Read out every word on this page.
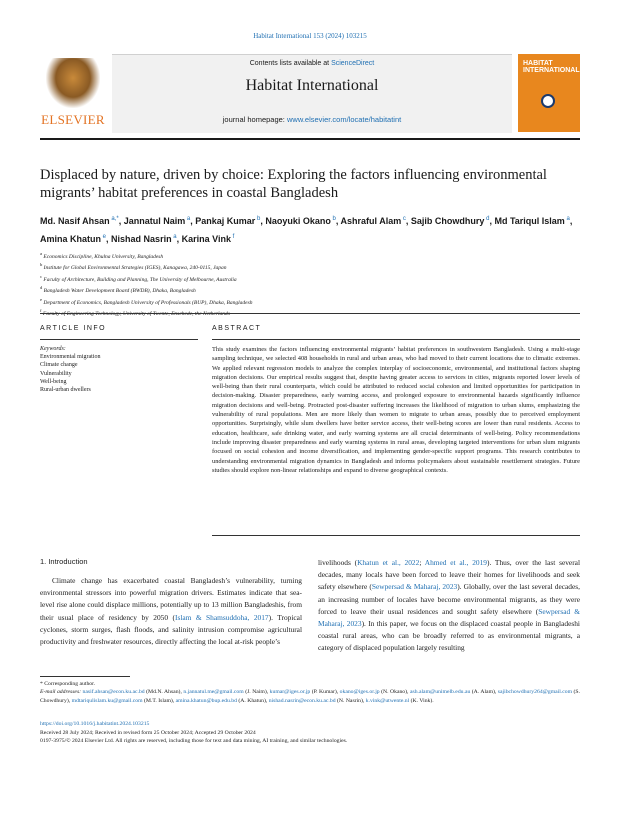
Habitat International 153 (2024) 103215
ELSEVIER
Contents lists available at ScienceDirect
Habitat International
journal homepage: www.elsevier.com/locate/habitatint
HABITAT INTERNATIONAL
Displaced by nature, driven by choice: Exploring the factors influencing environmental migrants’ habitat preferences in coastal Bangladesh
Md. Nasif Ahsan $^{a,*}$, Jannatul Naim $^a$, Pankaj Kumar $^b$, Naoyuki Okano $^b$, Ashraful Alam $^c$, Sajib Chowdhury $^d$, Md Tariqul Islam $^a$, Amina Khatun $^e$, Nishad Nasrin $^a$, Karina Vink $^f$
$^a$ Economics Discipline, Khulna University, Bangladesh
$^b$ Institute for Global Environmental Strategies (IGES), Kanagawa, 240-0115, Japan
$^c$ Faculty of Architecture, Building and Planning, The University of Melbourne, Australia
$^d$ Bangladesh Water Development Board (BWDB), Dhaka, Bangladesh
$^e$ Department of Economics, Bangladesh University of Professionals (BUP), Dhaka, Bangladesh
$^f$
ARTICLE INFO	ABSTRACT
Keywords:
Environmental migration
Climate change
Vulnerability
Well-being
Rural-urban dwellers
This study examines the factors influencing environmental migrants’ habitat preferences in southwestern Bangladesh. Using a multi-stage sampling technique, we selected 408 households in rural and urban areas, who had moved to their current locations due to climatic extremes. We applied relevant regression models to analyze the complex interplay of socioeconomic, environmental, and institutional factors shaping migration decisions. Our empirical results suggest that, despite having greater access to services in cities, migrants reported lower levels of well-being than their rural counterparts, which could be attributed to reduced social cohesion and limited opportunities for participation in decision-making. Disaster preparedness, early warning access, and prolonged exposure to environmental hazards significantly influence migration decisions and well-being. Protracted post-disaster suffering increases the likelihood of migration to urban slums, emphasizing the vulnerability of rural populations. Men are more likely than women to migrate to urban areas, possibly due to perceived employment opportunities. Surprisingly, while slum dwellers have better service access, their well-being scores are lower than rural residents. Access to education, healthcare, safe drinking water, and early warning systems are all crucial determinants of well-being. Policy recommendations include improving disaster preparedness and early warning systems in rural areas, developing targeted interventions for urban slum migrants focused on social cohesion and income diversification, and implementing gender-specific support programs. This research contributes to understanding environmental migration dynamics in Bangladesh and informs policymakers about sustainable resettlement strategies. Future studies should explore non-linear relationships and expand to diverse geographical contexts.
1. Introduction
Climate change has exacerbated coastal Bangladesh’s vulnerability, turning environmental stressors into powerful migration drivers. Estimates indicate that sea-level rise alone could displace millions, potentially up to 13 million Bangladeshis, from their usual place of residency by 2050 (Islam & Shamsuddoha, 2017). Tropical cyclones, storm surges, flash floods, and salinity intrusion compromise agricultural productivity and freshwater resources, directly affecting the local at-risk people’s
livelihoods (Khatun et al., 2022; Ahmed et al., 2019). Thus, over the last several decades, many locals have been forced to leave their homes for livelihoods and seek safety elsewhere (Sewpersad & Maharaj, 2023). Globally, over the last several decades, an increasing number of locales have become environmental migrants, as they were forced to leave their usual residences and sought safety elsewhere (Sewpersad & Maharaj, 2023). In this paper, we focus on the displaced coastal people in Bangladeshi coastal rural areas, who can be broadly referred to as environmental migrants, a category of displaced population largely resulting
* Corresponding author.
E-mail addresses: nasif.ahsan@econ.ku.ac.bd (Md.N. Ahsan), n.jannatul.me@gmail.com (J. Naim), kumar@iges.or.jp (P. Kumar), okano@iges.or.jp (N. Okano), ash.alam@unimelb.edu.au (A. Alam), sajibchowdhury264@gmail.com (S. Chowdhury), mdtariqulislam.ku@gmail.com (M.T. Islam), amina.khatun@bup.edu.bd (A. Khatun), nishad.nasrin@econ.ku.ac.bd (N. Nasrin), k.vink@utwente.nl (K. Vink).
https://doi.org/10.1016/j.habitatint.2024.103215
Received 28 July 2024; Received in revised form 25 October 2024; Accepted 29 October 2024
0197-3975/© 2024 Elsevier Ltd. All rights are reserved, including those for text and data mining, AI training, and similar technologies.
